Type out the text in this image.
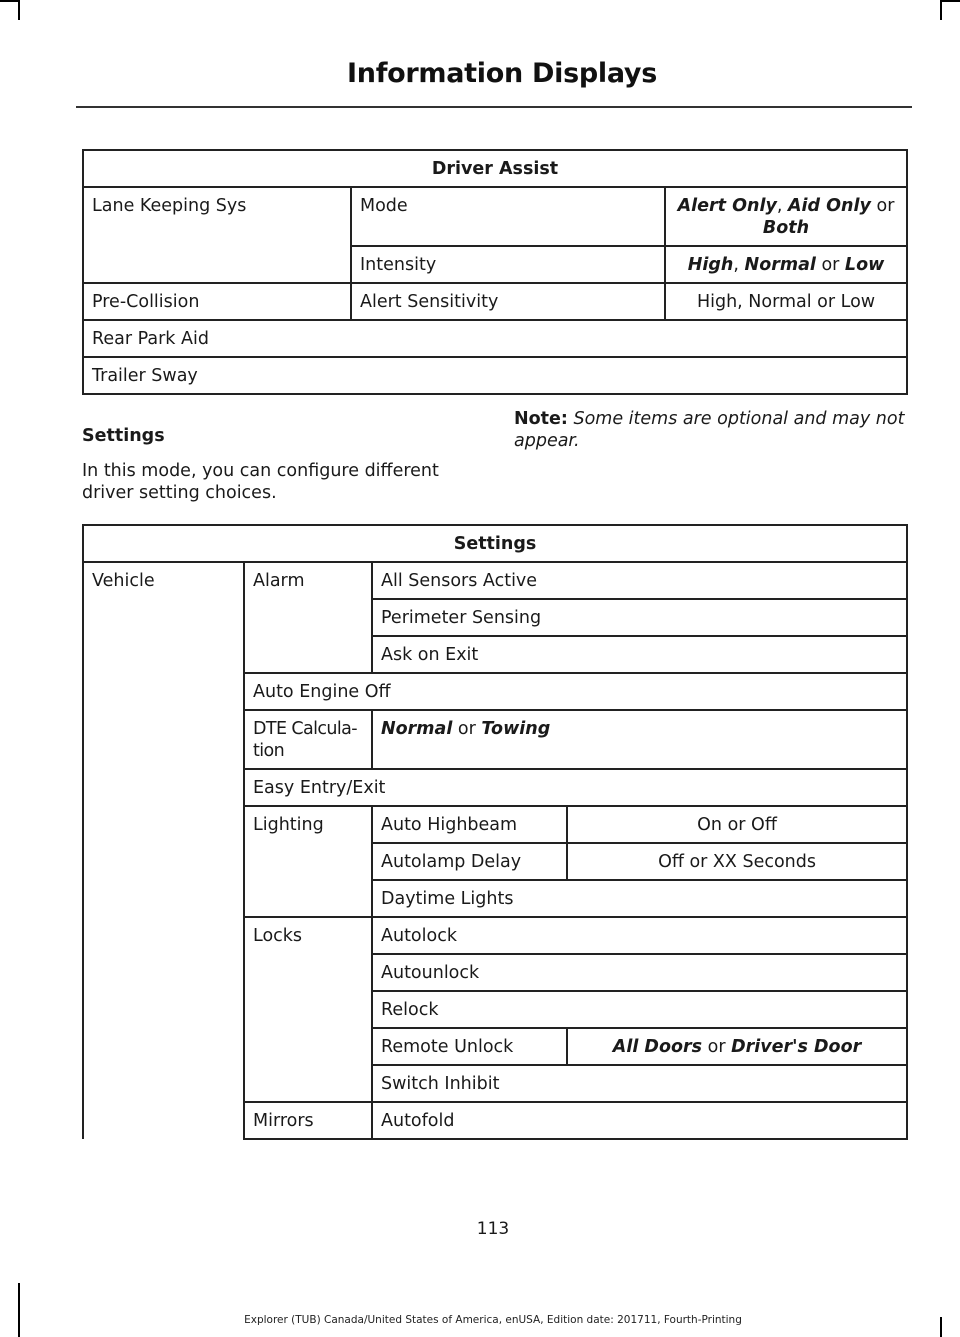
Information Displays
Driver Assist		
Lane Keeping Sys	Mode	Alert Only, Aid Only or Both
	Intensity	High, Normal or Low
Pre-Collision	Alert Sensitivity	High, Normal or Low
Rear Park Aid		
Trailer Sway		
Settings
In this mode, you can configure different driver setting choices.
Note: Some items are optional and may not appear.
Settings			
Vehicle	Alarm	All Sensors Active	
		Perimeter Sensing	
		Ask on Exit	
	Auto Engine Off		
	DTE Calcula-
tion	Normal or Towing	
	Easy Entry/Exit		
	Lighting	Auto Highbeam	On or Off
		Autolamp Delay	Off or XX Seconds
		Daytime Lights	
	Locks	Autolock	
		Autounlock	
		Relock	
		Remote Unlock	All Doors or Driver's Door
		Switch Inhibit	
	Mirrors	Autofold	
113
Explorer (TUB) Canada/United States of America, enUSA, Edition date: 201711, Fourth-Printing
